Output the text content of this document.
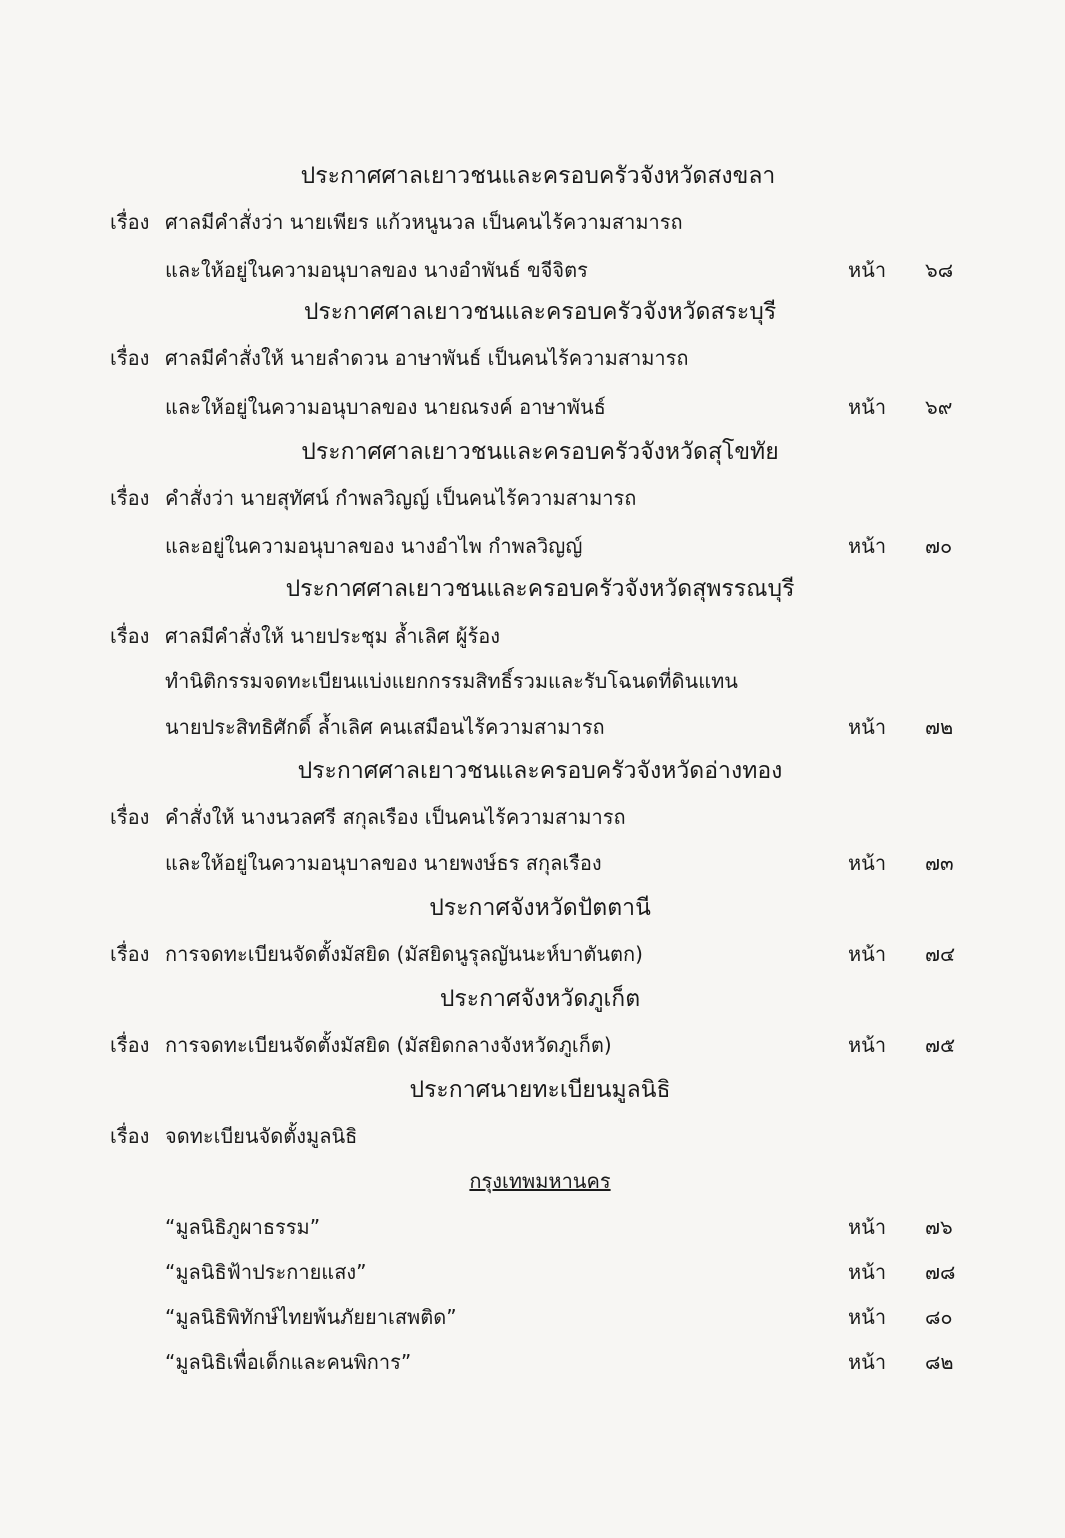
ประกาศศาลเยาวชนและครอบครัวจังหวัดสงขลา
เรื่อง ศาลมีคำสั่งว่า นายเพียร แก้วหนูนวล เป็นคนไร้ความสามารถ
และให้อยู่ในความอนุบาลของ นางอำพันธ์ ขจีจิตร	หน้า ๖๘
ประกาศศาลเยาวชนและครอบครัวจังหวัดสระบุรี
เรื่อง ศาลมีคำสั่งให้ นายลำดวน อาษาพันธ์ เป็นคนไร้ความสามารถ
และให้อยู่ในความอนุบาลของ นายณรงค์ อาษาพันธ์	หน้า ๖๙
ประกาศศาลเยาวชนและครอบครัวจังหวัดสุโขทัย
เรื่อง คำสั่งว่า นายสุทัศน์ กำพลวิญญ์ เป็นคนไร้ความสามารถ
และอยู่ในความอนุบาลของ นางอำไพ กำพลวิญญ์	หน้า ๗๐
ประกาศศาลเยาวชนและครอบครัวจังหวัดสุพรรณบุรี
เรื่อง ศาลมีคำสั่งให้ นายประชุม ล้ำเลิศ ผู้ร้อง
ทำนิติกรรมจดทะเบียนแบ่งแยกกรรมสิทธิ์รวมและรับโฉนดที่ดินแทน
นายประสิทธิศักดิ์ ล้ำเลิศ คนเสมือนไร้ความสามารถ	หน้า ๗๒
ประกาศศาลเยาวชนและครอบครัวจังหวัดอ่างทอง
เรื่อง คำสั่งให้ นางนวลศรี สกุลเรือง เป็นคนไร้ความสามารถ
และให้อยู่ในความอนุบาลของ นายพงษ์ธร สกุลเรือง	หน้า ๗๓
ประกาศจังหวัดปัตตานี
เรื่อง การจดทะเบียนจัดตั้งมัสยิด (มัสยิดนูรุลญันนะห์บาตันตก)	หน้า ๗๔
ประกาศจังหวัดภูเก็ต
เรื่อง การจดทะเบียนจัดตั้งมัสยิด (มัสยิดกลางจังหวัดภูเก็ต)	หน้า ๗๕
ประกาศนายทะเบียนมูลนิธิ
เรื่อง จดทะเบียนจัดตั้งมูลนิธิ
กรุงเทพมหานคร
“มูลนิธิภูผาธรรม”	หน้า ๗๖
“มูลนิธิฟ้าประกายแสง”	หน้า ๗๘
“มูลนิธิพิทักษ์ไทยพ้นภัยยาเสพติด”	หน้า ๘๐
“มูลนิธิเพื่อเด็กและคนพิการ”	หน้า ๘๒
